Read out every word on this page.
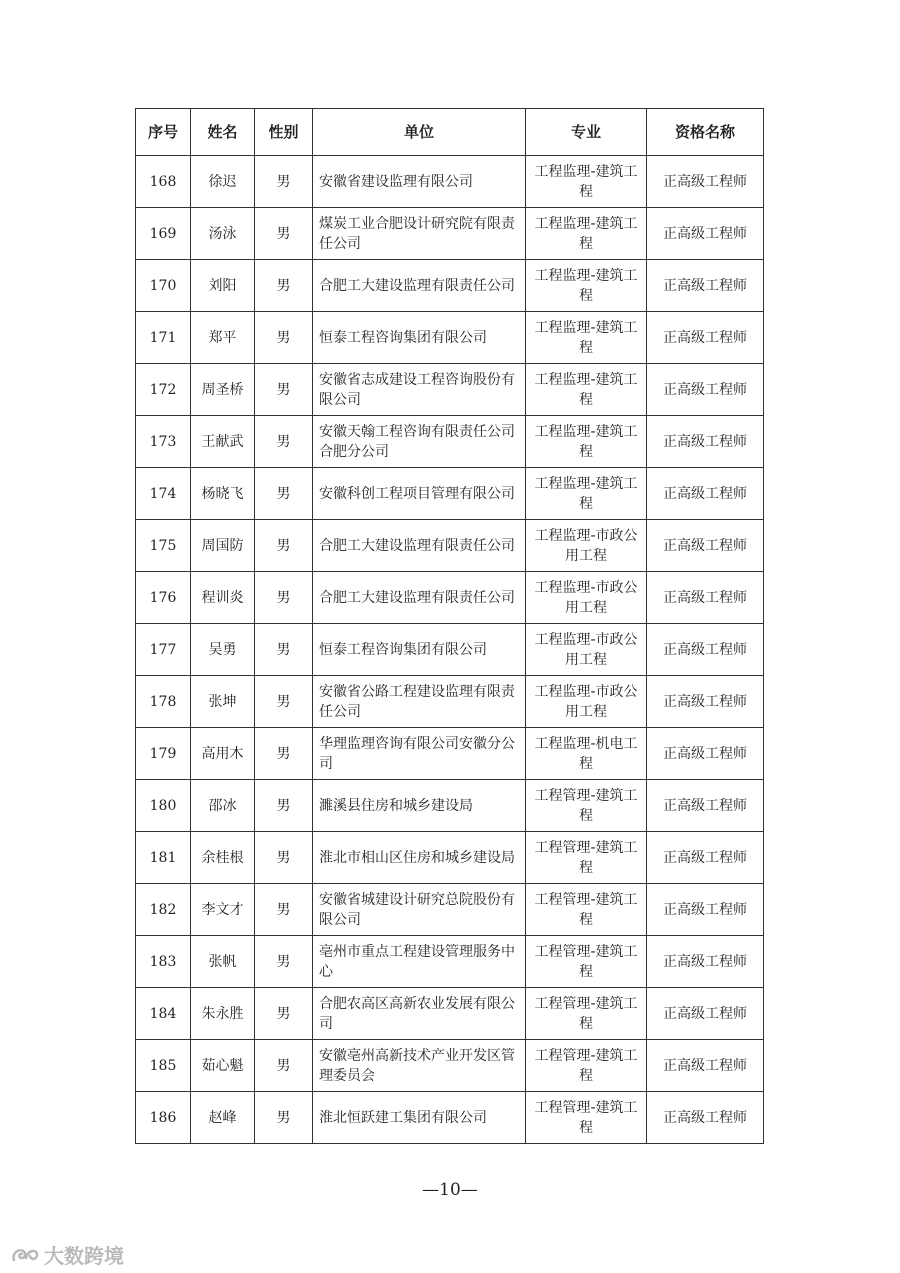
序号	姓名	性别	单位	专业	资格名称
168	徐迟	男	安徽省建设监理有限公司	工程监理-建筑工程	正高级工程师
169	汤泳	男	煤炭工业合肥设计研究院有限责任公司	工程监理-建筑工程	正高级工程师
170	刘阳	男	合肥工大建设监理有限责任公司	工程监理-建筑工程	正高级工程师
171	郑平	男	恒泰工程咨询集团有限公司	工程监理-建筑工程	正高级工程师
172	周圣桥	男	安徽省志成建设工程咨询股份有限公司	工程监理-建筑工程	正高级工程师
173	王献武	男	安徽天翰工程咨询有限责任公司合肥分公司	工程监理-建筑工程	正高级工程师
174	杨晓飞	男	安徽科创工程项目管理有限公司	工程监理-建筑工程	正高级工程师
175	周国防	男	合肥工大建设监理有限责任公司	工程监理-市政公用工程	正高级工程师
176	程训炎	男	合肥工大建设监理有限责任公司	工程监理-市政公用工程	正高级工程师
177	吴勇	男	恒泰工程咨询集团有限公司	工程监理-市政公用工程	正高级工程师
178	张坤	男	安徽省公路工程建设监理有限责任公司	工程监理-市政公用工程	正高级工程师
179	高用木	男	华理监理咨询有限公司安徽分公司	工程监理-机电工程	正高级工程师
180	邵冰	男	濉溪县住房和城乡建设局	工程管理-建筑工程	正高级工程师
181	余桂根	男	淮北市相山区住房和城乡建设局	工程管理-建筑工程	正高级工程师
182	李文才	男	安徽省城建设计研究总院股份有限公司	工程管理-建筑工程	正高级工程师
183	张帆	男	亳州市重点工程建设管理服务中心	工程管理-建筑工程	正高级工程师
184	朱永胜	男	合肥农高区高新农业发展有限公司	工程管理-建筑工程	正高级工程师
185	茹心魁	男	安徽亳州高新技术产业开发区管理委员会	工程管理-建筑工程	正高级工程师
186	赵峰	男	淮北恒跃建工集团有限公司	工程管理-建筑工程	正高级工程师
—10—
大数跨境
